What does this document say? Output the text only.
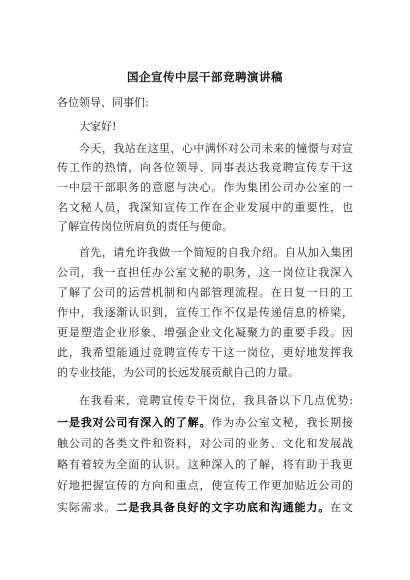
国企宣传中层干部竞聘演讲稿
各位领导、同事们:
大家好!
今天，我站在这里，心中满怀对公司未来的憧憬与对宣
传工作的热情，向各位领导、同事表达我竞聘宣传专干这
一中层干部职务的意愿与决心。作为集团公司办公室的一
名文秘人员，我深知宣传工作在企业发展中的重要性，也
了解宣传岗位所肩负的责任与使命。
首先，请允许我做一个简短的自我介绍。自从加入集团
公司，我一直担任办公室文秘的职务，这一岗位让我深入
了解了公司的运营机制和内部管理流程。在日复一日的工
作中，我逐渐认识到，宣传工作不仅是传递信息的桥梁，
更是塑造企业形象、增强企业文化凝聚力的重要手段。因
此，我希望能通过竞聘宣传专干这一岗位，更好地发挥我
的专业技能，为公司的长远发展贡献自己的力量。
在我看来，竞聘宣传专干岗位，我具备以下几点优势:
一是我对公司有深入的了解。作为办公室文秘，我长期接
触公司的各类文件和资料，对公司的业务、文化和发展战
略有着较为全面的认识。这种深入的了解，将有助于我更
好地把握宣传的方向和重点，使宣传工作更加贴近公司的
实际需求。二是我具备良好的文字功底和沟通能力。在文
